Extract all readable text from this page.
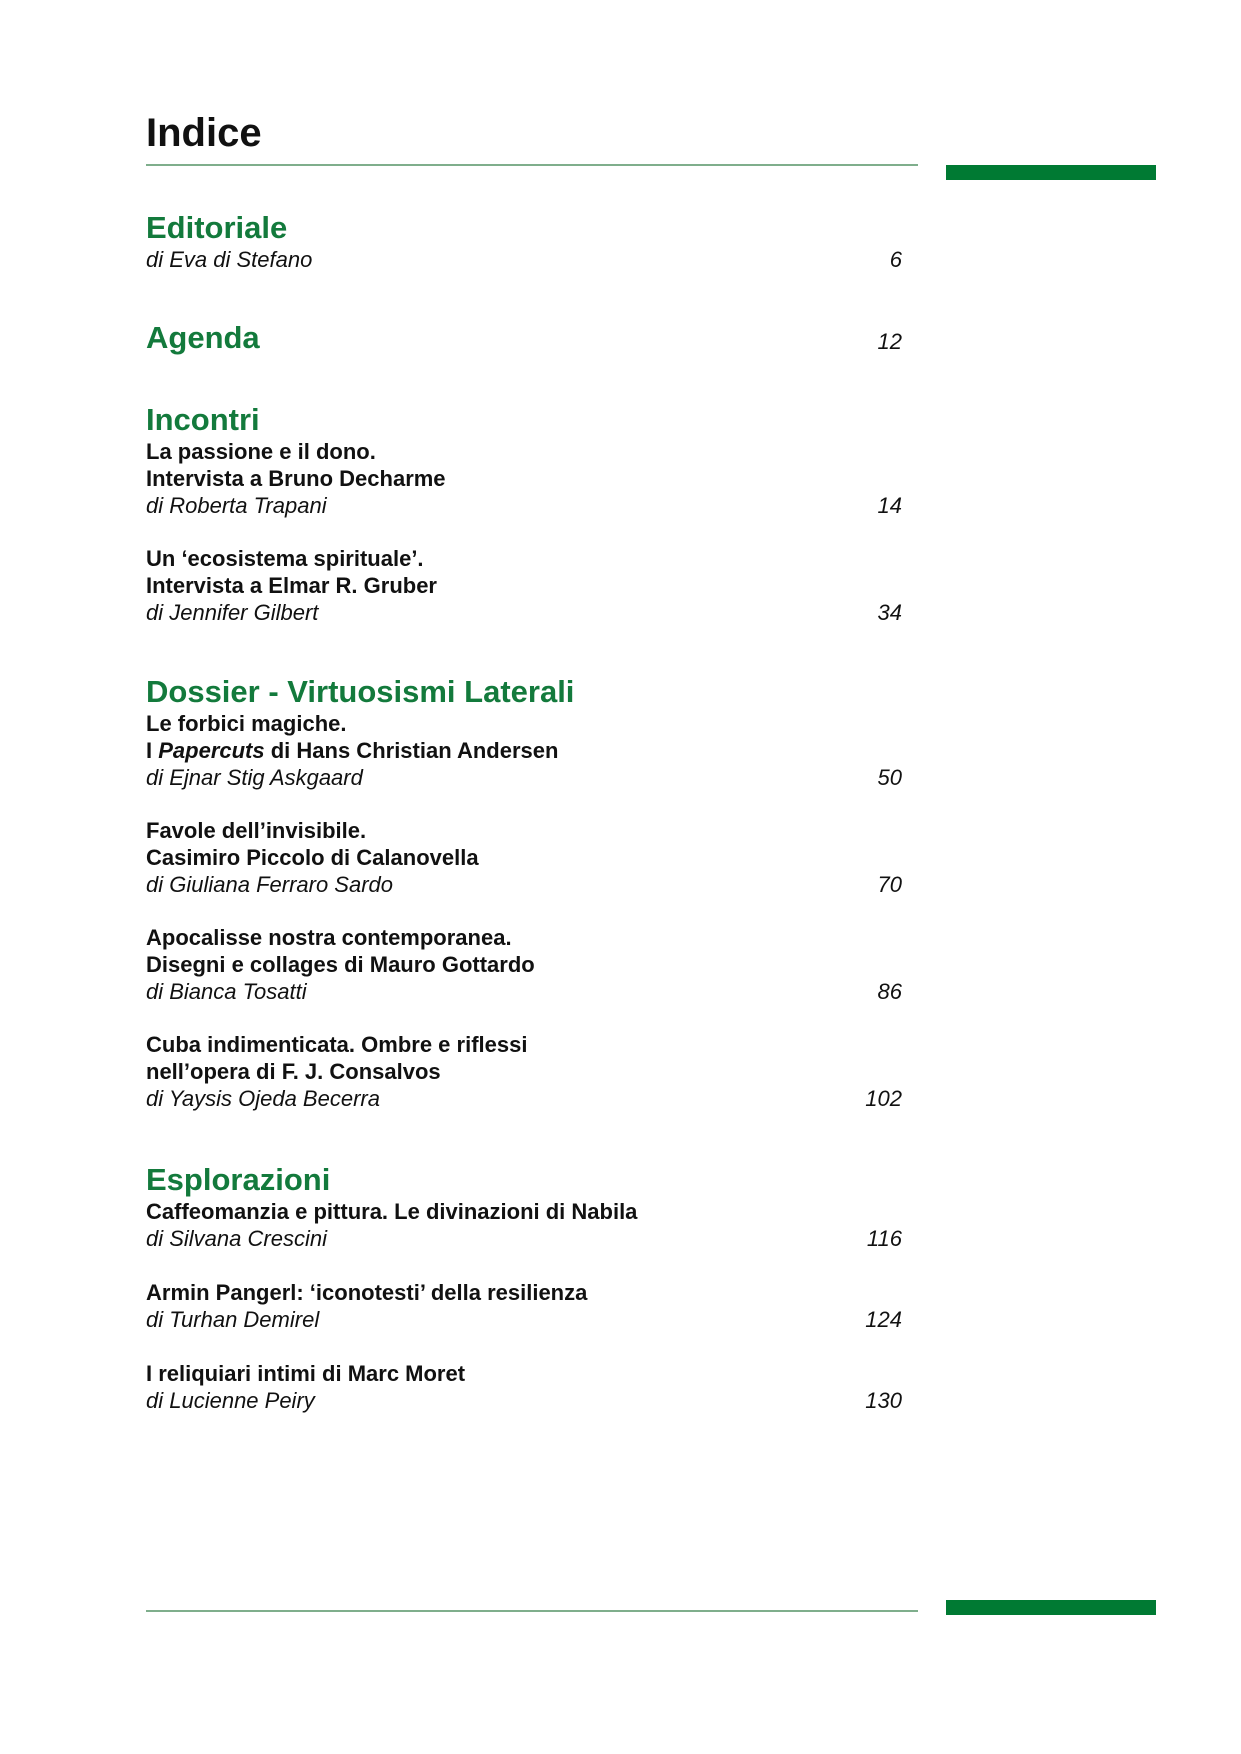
Indice
Editoriale
di Eva di Stefano	6
Agenda	12
Incontri
La passione e il dono.
Intervista a Bruno Decharme
di Roberta Trapani	14
Un ‘ecosistema spirituale’.
Intervista a Elmar R. Gruber
di Jennifer Gilbert	34
Dossier - Virtuosismi Laterali
Le forbici magiche.
I Papercuts di Hans Christian Andersen
di Ejnar Stig Askgaard	50
Favole dell’invisibile.
Casimiro Piccolo di Calanovella
di Giuliana Ferraro Sardo	70
Apocalisse nostra contemporanea.
Disegni e collages di Mauro Gottardo
di Bianca Tosatti	86
Cuba indimenticata. Ombre e riflessi
nell’opera di F. J. Consalvos
di Yaysis Ojeda Becerra	102
Esplorazioni
Caffeomanzia e pittura. Le divinazioni di Nabila
di Silvana Crescini	116
Armin Pangerl: ‘iconotesti’ della resilienza
di Turhan Demirel	124
I reliquiari intimi di Marc Moret
di Lucienne Peiry	130
